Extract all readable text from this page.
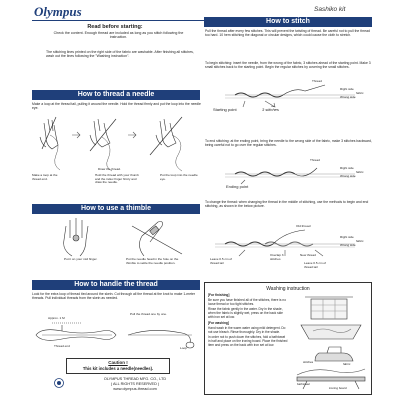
Olympus	Sashiko kit
Read before starting:
Check the content. Enough thread are included as long as you stitch following the instruction.
The stitching lines printed on the right side of the fabric are washable. After finishing all stitches, wash out the lines following the "Washing instruction".
How to thread a needle
Make a loop at the thread tail, pulling it around the needle. Hold the thread firmly and put the loop into the needle eye.
Draw the thread.
Make a loop at the thread end.
Hold the thread with your thumb and the index finger firmly and draw the needle.
Put the loop into the needle eye.
How to use a thimble
Put it on your mid finger.	Put the needle head in the hole on the thimble to settle the needle position.
How to handle the thread
Look for the extra loop of thread tied around the skein. Cut through all the thread at the knot to make 1-meter threads. Pull individual threads from the skein as needed.
Approx. 1 M
Thread end
Pull the thread one by one.
Loop
Caution !
This kit includes a needle(needles).
OLYMPUS THREAD MFG. CO., LTD
( ALL RIGHTS RESERVED )
www.olympus-thread.com
How to stitch
Pull the thread after every few stitches. This will prevent the twisting of thread. Be careful not to pull the thread too hard. 10 hem stitching the diagonal or circular designs, which could cause the cloth to stretch.
To begin stitching: insert the needle, from the wrong of the fabric, 3 stitches ahead of the starting point. Make 3 small stitches back to the starting point. Begin the regular stitches by covering the small stitches.
Thread
Right side
fabric
Wrong side
Starting point	3 stitches
To end stitching: at the ending point, bring the needle to the wrong side of the fabric, make 3 stitches backward, being careful not to go over the regular stitches.
Thread
Right side
fabric
Wrong side
Ending point
To change the thread: when changing the thread in the middle of stitching, use the methods to begin and end stitching, as shown in the below picture.
Old thread
Right side
fabric
Wrong side
Leave 0.5 cm of thread tail
Overlap 3 stitches
New thread
Leave 0.5 cm of thread tail
Washing instruction
[For finishing]
Be sure you have finished all of the stitches, there is no loose thread or too tight stitches.
Rinse the fabric gently in the water. Dry in the shade, when the fabric is slightly wet, press on the back side with iron set at low.
[For washing]
Hand wash in the warm water using mild detergent. Do not use bleach. Rinse thoroughly. Dry in the shade.
In order not to push down the stitches, fold a bathtowel in half and place on the ironing board. Place the finished item and press on the back with iron set at low.
stitches	fabric
bathtowel
ironing board
